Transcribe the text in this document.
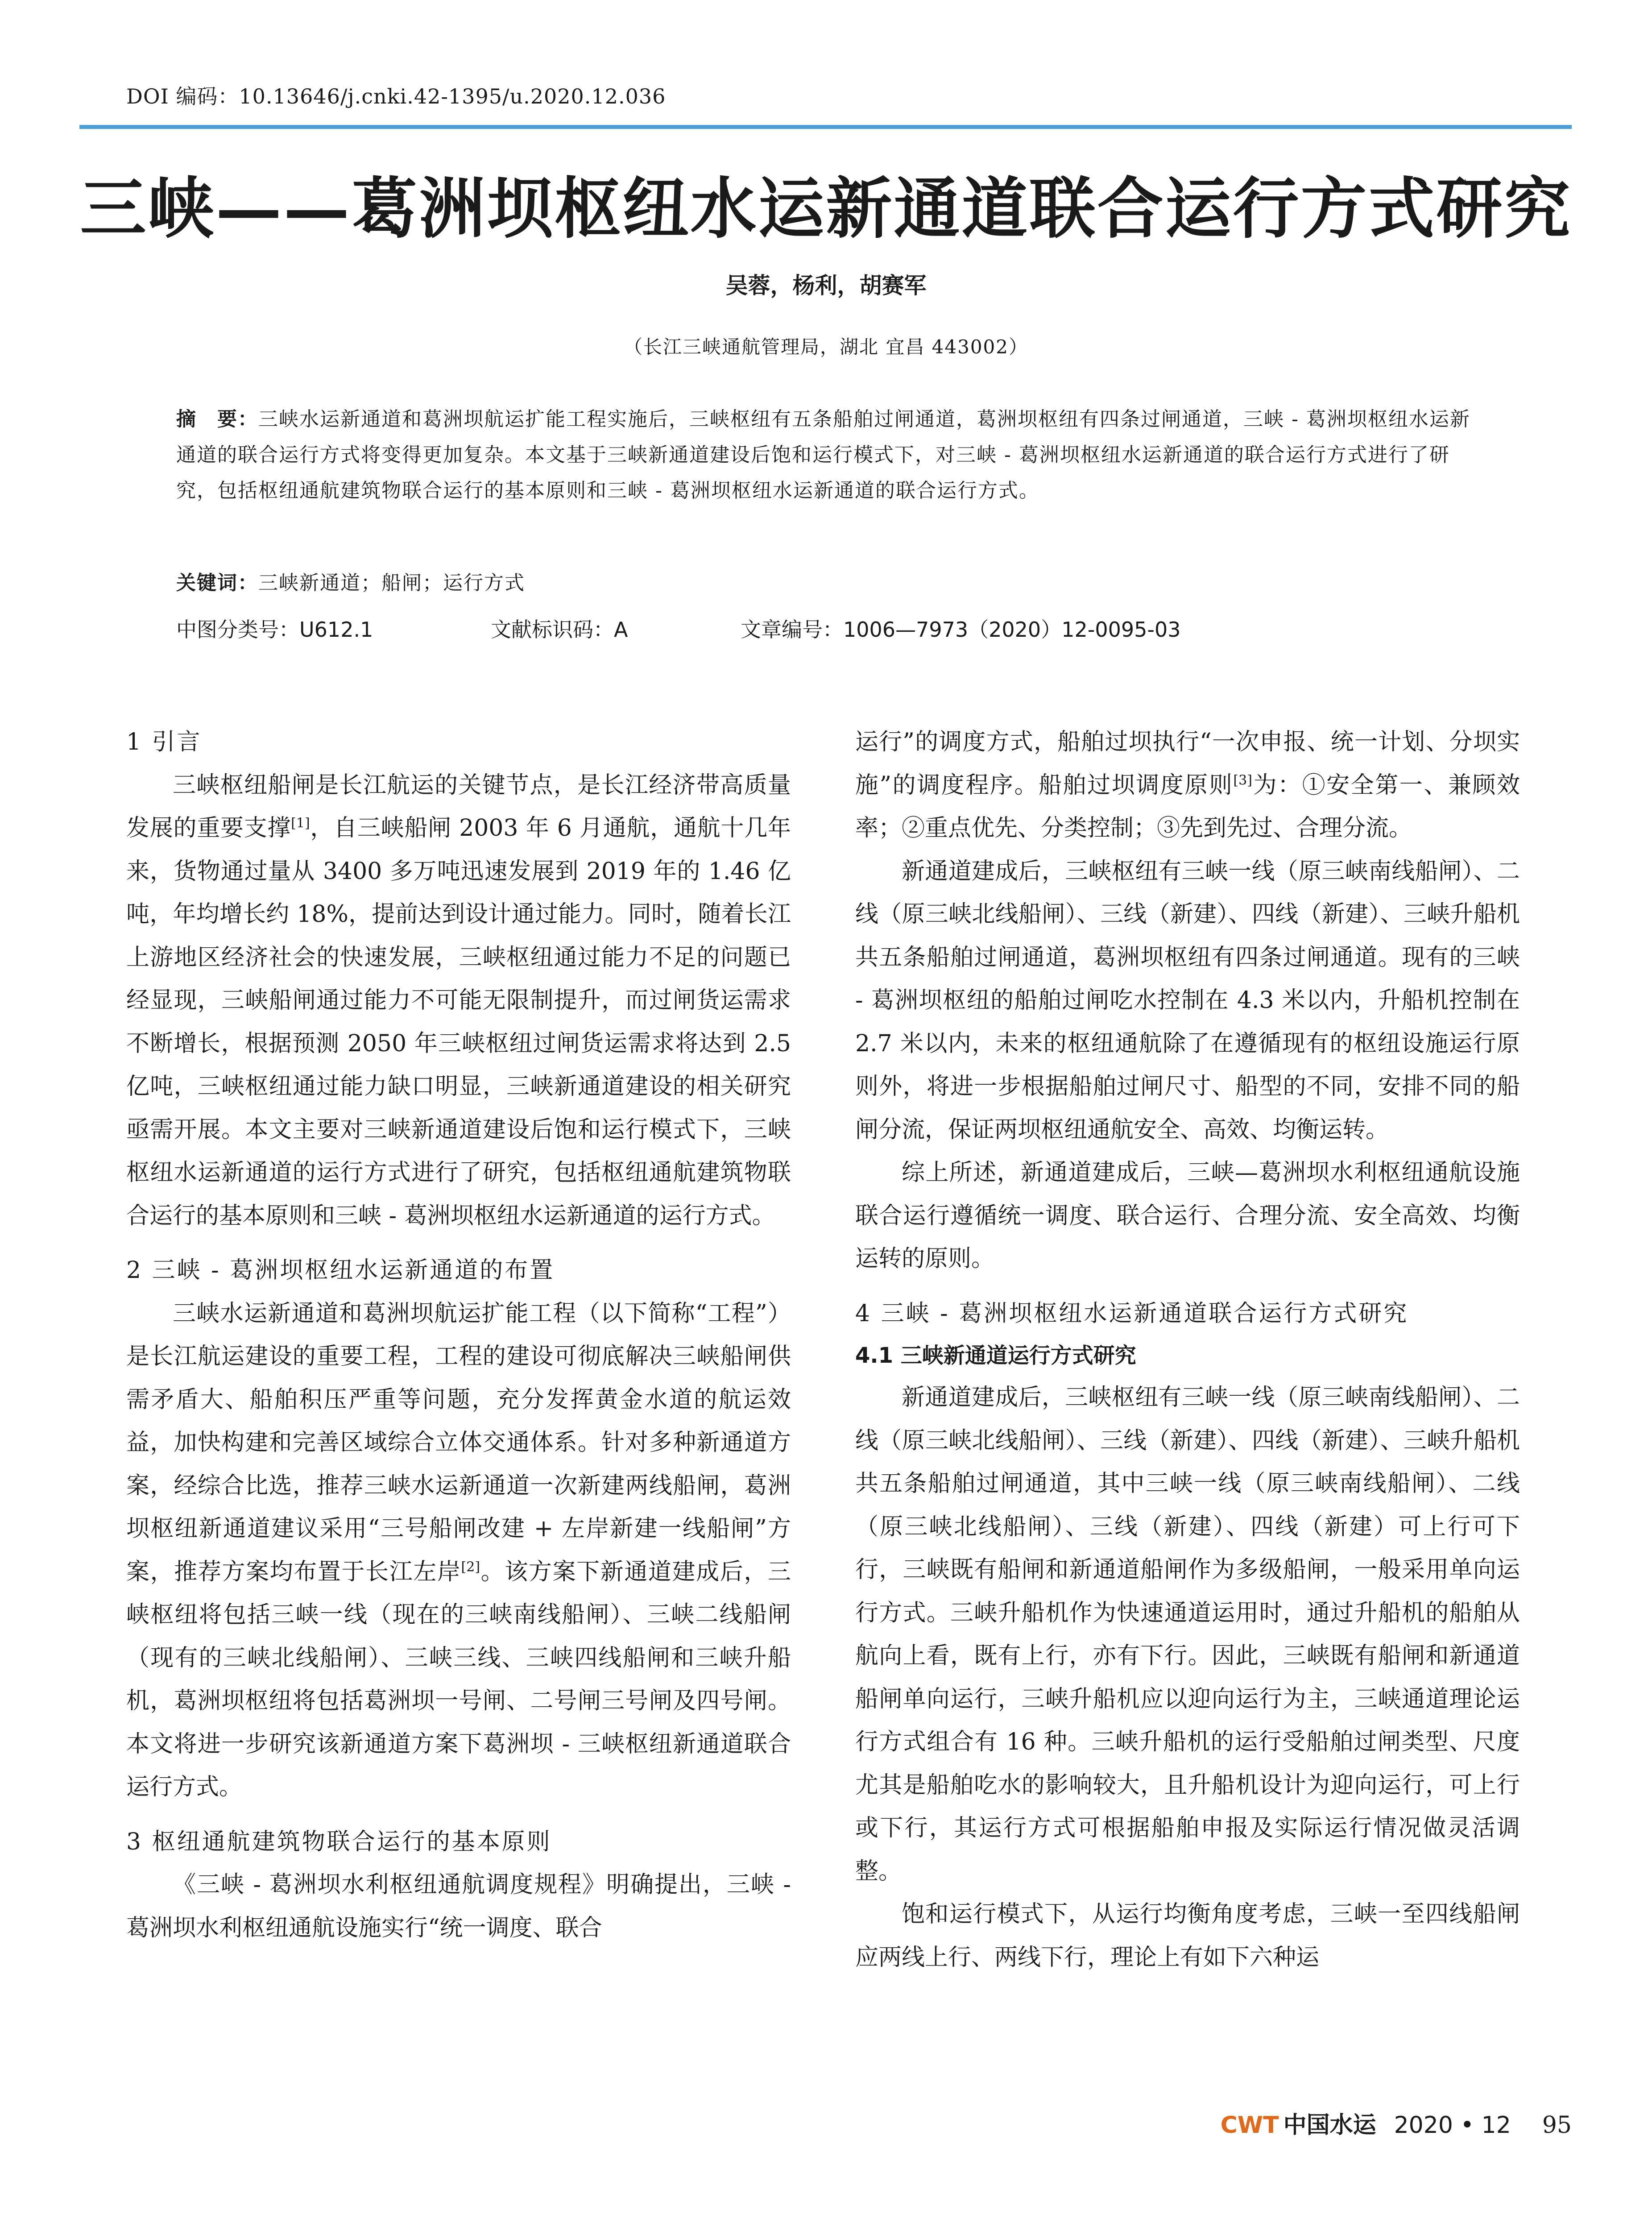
DOI 编码：10.13646/j.cnki.42-1395/u.2020.12.036
三峡——葛洲坝枢纽水运新通道联合运行方式研究
吴蓉，杨利，胡赛军
（长江三峡通航管理局，湖北 宜昌 443002）
摘　要：三峡水运新通道和葛洲坝航运扩能工程实施后，三峡枢纽有五条船舶过闸通道，葛洲坝枢纽有四条过闸通道，三峡 - 葛洲坝枢纽水运新通道的联合运行方式将变得更加复杂。本文基于三峡新通道建设后饱和运行模式下，对三峡 - 葛洲坝枢纽水运新通道的联合运行方式进行了研究，包括枢纽通航建筑物联合运行的基本原则和三峡 - 葛洲坝枢纽水运新通道的联合运行方式。
关键词：三峡新通道；船闸；运行方式
中图分类号：U612.1	文献标识码：A	文章编号：1006—7973（2020）12-0095-03
1 引言

三峡枢纽船闸是长江航运的关键节点，是长江经济带高质量发展的重要支撑[1]，自三峡船闸 2003 年 6 月通航，通航十几年来，货物通过量从 3400 多万吨迅速发展到 2019 年的 1.46 亿吨，年均增长约 18%，提前达到设计通过能力。同时，随着长江上游地区经济社会的快速发展，三峡枢纽通过能力不足的问题已经显现，三峡船闸通过能力不可能无限制提升，而过闸货运需求不断增长，根据预测 2050 年三峡枢纽过闸货运需求将达到 2.5 亿吨，三峡枢纽通过能力缺口明显，三峡新通道建设的相关研究亟需开展。本文主要对三峡新通道建设后饱和运行模式下，三峡枢纽水运新通道的运行方式进行了研究，包括枢纽通航建筑物联合运行的基本原则和三峡 - 葛洲坝枢纽水运新通道的运行方式。

2 三峡 - 葛洲坝枢纽水运新通道的布置

三峡水运新通道和葛洲坝航运扩能工程（以下简称“工程”）是长江航运建设的重要工程，工程的建设可彻底解决三峡船闸供需矛盾大、船舶积压严重等问题，充分发挥黄金水道的航运效益，加快构建和完善区域综合立体交通体系。针对多种新通道方案，经综合比选，推荐三峡水运新通道一次新建两线船闸，葛洲坝枢纽新通道建议采用“三号船闸改建 + 左岸新建一线船闸”方案，推荐方案均布置于长江左岸[2]。该方案下新通道建成后，三峡枢纽将包括三峡一线（现在的三峡南线船闸）、三峡二线船闸（现有的三峡北线船闸）、三峡三线、三峡四线船闸和三峡升船机，葛洲坝枢纽将包括葛洲坝一号闸、二号闸三号闸及四号闸。本文将进一步研究该新通道方案下葛洲坝 - 三峡枢纽新通道联合运行方式。

3 枢纽通航建筑物联合运行的基本原则

《三峡 - 葛洲坝水利枢纽通航调度规程》明确提出，三峡 - 葛洲坝水利枢纽通航设施实行“统一调度、联合

运行”的调度方式，船舶过坝执行“一次申报、统一计划、分坝实施”的调度程序。船舶过坝调度原则[3]为：①安全第一、兼顾效率；②重点优先、分类控制；③先到先过、合理分流。

新通道建成后，三峡枢纽有三峡一线（原三峡南线船闸）、二线（原三峡北线船闸）、三线（新建）、四线（新建）、三峡升船机共五条船舶过闸通道，葛洲坝枢纽有四条过闸通道。现有的三峡 - 葛洲坝枢纽的船舶过闸吃水控制在 4.3 米以内，升船机控制在 2.7 米以内，未来的枢纽通航除了在遵循现有的枢纽设施运行原则外，将进一步根据船舶过闸尺寸、船型的不同，安排不同的船闸分流，保证两坝枢纽通航安全、高效、均衡运转。

综上所述，新通道建成后，三峡—葛洲坝水利枢纽通航设施联合运行遵循统一调度、联合运行、合理分流、安全高效、均衡运转的原则。

4 三峡 - 葛洲坝枢纽水运新通道联合运行方式研究
4.1 三峡新通道运行方式研究

新通道建成后，三峡枢纽有三峡一线（原三峡南线船闸）、二线（原三峡北线船闸）、三线（新建）、四线（新建）、三峡升船机共五条船舶过闸通道，其中三峡一线（原三峡南线船闸）、二线（原三峡北线船闸）、三线（新建）、四线（新建）可上行可下行，三峡既有船闸和新通道船闸作为多级船闸，一般采用单向运行方式。三峡升船机作为快速通道运用时，通过升船机的船舶从航向上看，既有上行，亦有下行。因此，三峡既有船闸和新通道船闸单向运行，三峡升船机应以迎向运行为主，三峡通道理论运行方式组合有 16 种。三峡升船机的运行受船舶过闸类型、尺度尤其是船舶吃水的影响较大，且升船机设计为迎向运行，可上行或下行，其运行方式可根据船舶申报及实际运行情况做灵活调整。

饱和运行模式下，从运行均衡角度考虑，三峡一至四线船闸应两线上行、两线下行，理论上有如下六种运

CWT 中国水运 2020 • 12 95
